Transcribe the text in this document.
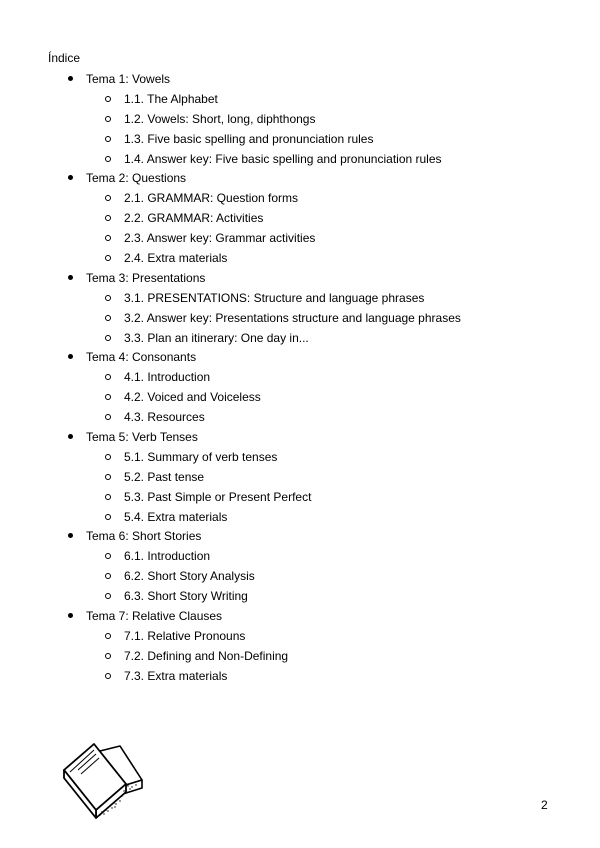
Índice
Tema 1: Vowels
1.1. The Alphabet
1.2. Vowels: Short, long, diphthongs
1.3. Five basic spelling and pronunciation rules
1.4. Answer key: Five basic spelling and pronunciation rules
Tema 2: Questions
2.1. GRAMMAR: Question forms
2.2. GRAMMAR: Activities
2.3. Answer key: Grammar activities
2.4. Extra materials
Tema 3: Presentations
3.1. PRESENTATIONS: Structure and language phrases
3.2. Answer key: Presentations structure and language phrases
3.3. Plan an itinerary: One day in...
Tema 4: Consonants
4.1. Introduction
4.2. Voiced and Voiceless
4.3. Resources
Tema 5: Verb Tenses
5.1. Summary of verb tenses
5.2. Past tense
5.3. Past Simple or Present Perfect
5.4. Extra materials
Tema 6: Short Stories
6.1. Introduction
6.2. Short Story Analysis
6.3. Short Story Writing
Tema 7: Relative Clauses
7.1. Relative Pronouns
7.2. Defining and Non-Defining
7.3. Extra materials
2
